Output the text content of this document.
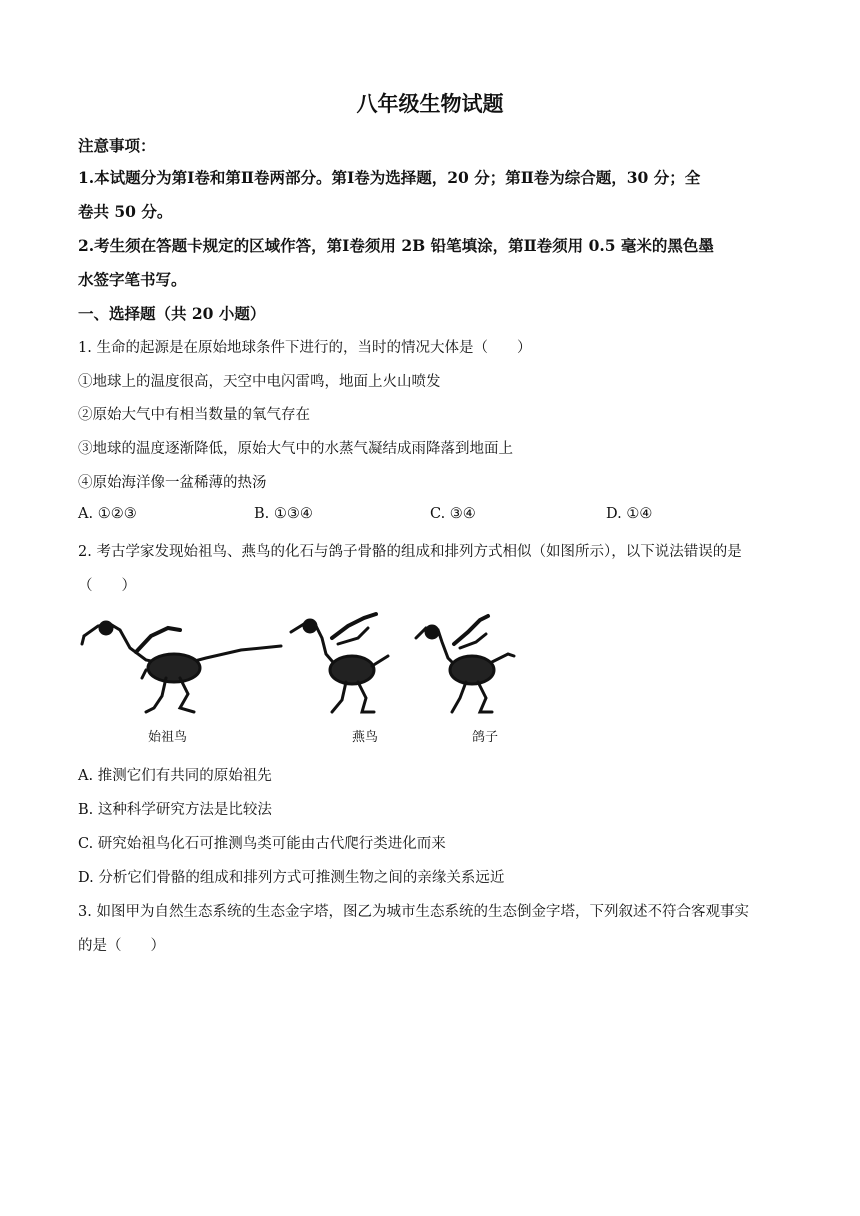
八年级生物试题
注意事项：
1.本试题分为第Ⅰ卷和第Ⅱ卷两部分。第Ⅰ卷为选择题，20 分；第Ⅱ卷为综合题，30 分；全
卷共 50 分。
2.考生须在答题卡规定的区域作答，第Ⅰ卷须用 2B 铅笔填涂，第Ⅱ卷须用 0.5 毫米的黑色墨
水签字笔书写。
一、选择题（共 20 小题）
1. 生命的起源是在原始地球条件下进行的，当时的情况大体是（　　）
①地球上的温度很高，天空中电闪雷鸣，地面上火山喷发
②原始大气中有相当数量的氧气存在
③地球的温度逐渐降低，原始大气中的水蒸气凝结成雨降落到地面上
④原始海洋像一盆稀薄的热汤
A. ①②③	B. ①③④	C. ③④	D. ①④
2. 考古学家发现始祖鸟、燕鸟的化石与鸽子骨骼的组成和排列方式相似（如图所示），以下说法错误的是
（　　）
始祖鸟	燕鸟	鸽子
A. 推测它们有共同的原始祖先
B. 这种科学研究方法是比较法
C. 研究始祖鸟化石可推测鸟类可能由古代爬行类进化而来
D. 分析它们骨骼的组成和排列方式可推测生物之间的亲缘关系远近
3. 如图甲为自然生态系统的生态金字塔，图乙为城市生态系统的生态倒金字塔，下列叙述不符合客观事实
的是（　　）
